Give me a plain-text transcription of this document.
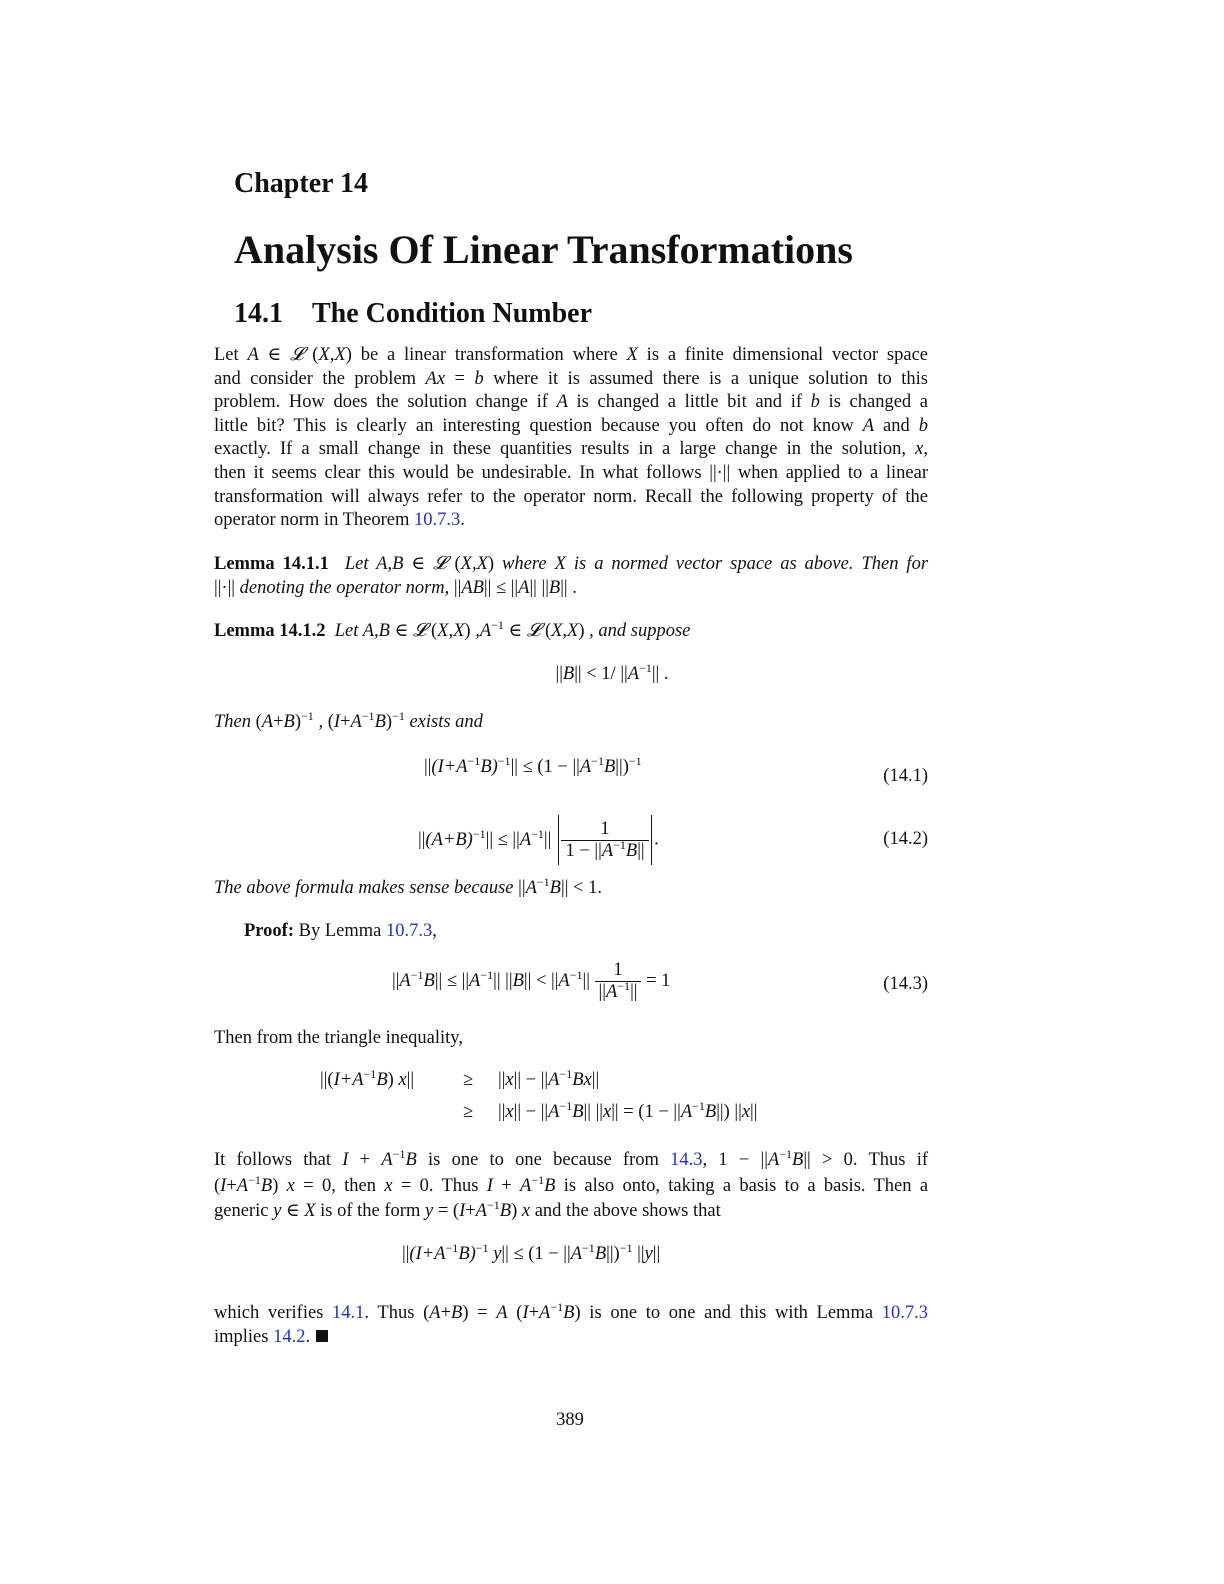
Chapter 14
Analysis Of Linear Transformations
14.1 The Condition Number
Let A ∈ 𝓛 (X,X) be a linear transformation where X is a finite dimensional vector space
and consider the problem Ax = b where it is assumed there is a unique solution to this
problem. How does the solution change if A is changed a little bit and if b is changed a
little bit? This is clearly an interesting question because you often do not know A and b
exactly. If a small change in these quantities results in a large change in the solution, x,
then it seems clear this would be undesirable. In what follows ||·|| when applied to a linear
transformation will always refer to the operator norm. Recall the following property of the
operator norm in Theorem 10.7.3.
Lemma 14.1.1 Let A,B ∈ 𝓛 (X,X) where X is a normed vector space as above. Then for
||·|| denoting the operator norm, ||AB|| ≤ ||A|| ||B|| .
Lemma 14.1.2 Let A,B ∈ 𝓛 (X,X) $,A^{-1}$ ∈ 𝓛 (X,X) , and suppose
||B|| < 1/ $||A^{-1}||$ .
Then $(A+B)^{-1}$ , $(I+A^{-1}B)^{-1}$ exists and
$||(I+A^{-1}B)^{-1}|| \le (1 - ||A^{-1}B||)^{-1}$
(14.1)
$||(A+B)^{-1}|| \le ||A^{-1}|| \frac{1}{1 - ||A^{-1}B||}$ .	(14.2)
The above formula makes sense because $||A^{-1}B|| < 1$.
Proof: By Lemma 10.7.3,
$||A^{-1}B|| \le ||A^{-1}||$ $||B|| < ||A^{-1}|| \frac{1}{||A^{-1}||} = 1$	(14.3)
Then from the triangle inequality,
$||(I+A^{-1}B)$ x||	≥ $||x|| - ||A^{-1}Bx||$
≥ $||x|| - ||A^{-1}B||$ $||x|| = (1 - ||A^{-1}B||)$ ||x||
It follows that $I + A^{-1}B$ is one to one because from 14.3, $1 - ||A^{-1}B|| > 0$. Thus if
$(I+A^{-1}B) x = 0$, then x = 0. Thus $I + A^{-1}B$ is also onto, taking a basis to a basis. Then a
generic y ∈ X is of the form $y = (I+A^{-1}B)$ x and the above shows that
$||(I+A^{-1}B)^{-1}$ $y|| \le (1 - ||A^{-1}B||)^{-1}$ ||y||
which verifies 14.1. Thus (A+B) = A $(I+A^{-1}B)$ is one to one and this with Lemma 10.7.3
implies 14.2.
389
